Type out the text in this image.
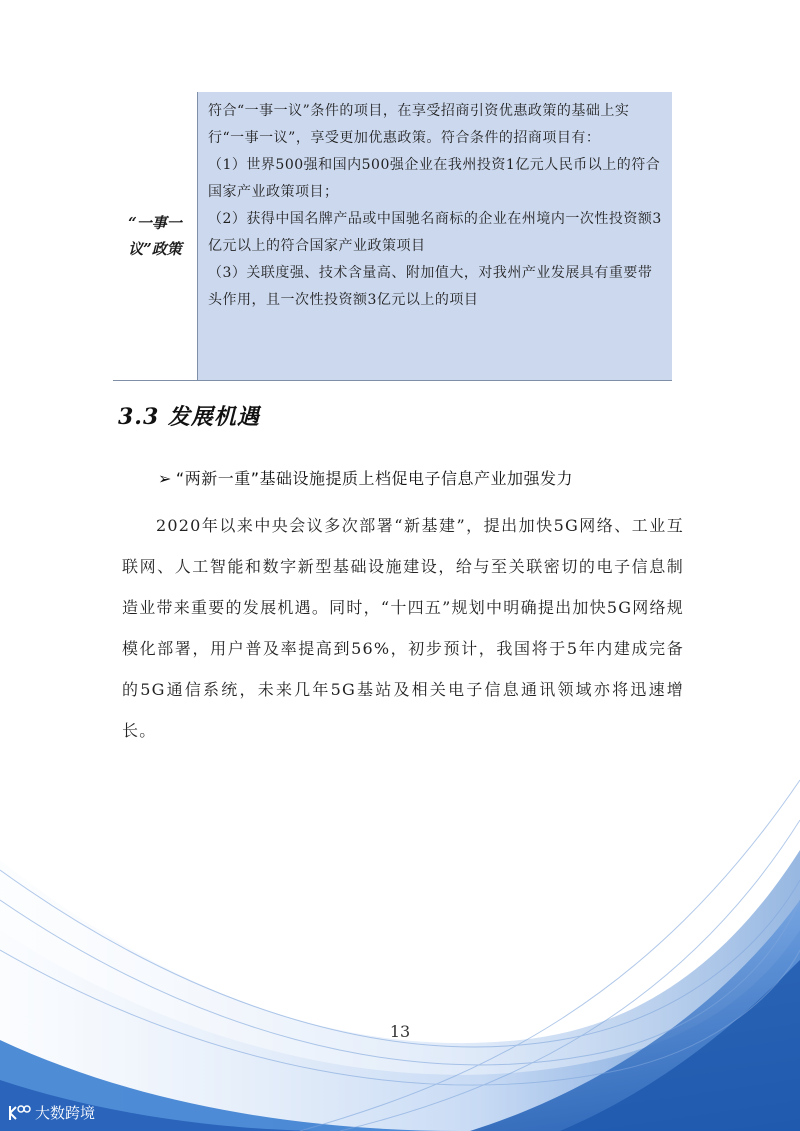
“一事一议”政策

符合“一事一议”条件的项目，在享受招商引资优惠政策的基础上实行“一事一议”，享受更加优惠政策。符合条件的招商项目有：

（1）世界500强和国内500强企业在我州投资1亿元人民币以上的符合国家产业政策项目；

（2）获得中国名牌产品或中国驰名商标的企业在州境内一次性投资额3亿元以上的符合国家产业政策项目

（3）关联度强、技术含量高、附加值大，对我州产业发展具有重要带头作用，且一次性投资额3亿元以上的项目

3.3 发展机遇
➢ “两新一重”基础设施提质上档促电子信息产业加强发力

2020年以来中央会议多次部署“新基建”，提出加快5G网络、工业互联网、人工智能和数字新型基础设施建设，给与至关联密切的电子信息制造业带来重要的发展机遇。同时，“十四五”规划中明确提出加快5G网络规模化部署，用户普及率提高到56%，初步预计，我国将于5年内建成完备的5G通信系统，未来几年5G基站及相关电子信息通讯领域亦将迅速增长。

13
大数跨境
